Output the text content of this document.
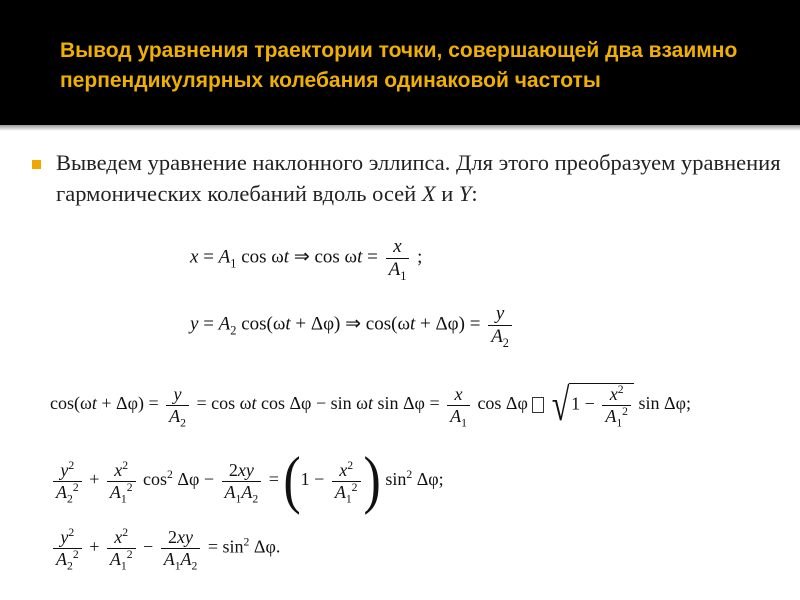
Вывод уравнения траектории точки, совершающей два взаимно перпендикулярных колебания одинаковой частоты
Выведем уравнение наклонного эллипса. Для этого преобразуем уравнения гармонических колебаний вдоль осей X и Y:
$x = A_1$ cos ωt ⇒ $\cos \omega t = \frac{x}{A_1}$ ;
$y = A_2$ cos(ωt + Δφ) ⇒ $\cos(\omega t + \Delta\varphi) = \frac{y}{A_2}$
$\cos(\omega t + \Delta\varphi) = \frac{y}{A_2} = \cos \omega t$ cos Δφ − sin ωt $\sin \Delta\varphi = \frac{x}{A_1}$ cos Δφ $√1 - \frac{x^2}{A_1^2}$ sin Δφ;
$\frac{y^2}{A_2^2} + \frac{x^2}{A_1^2} \cos^2 \Delta\varphi - \frac{2xy}{A_1A_2} = (1 - \frac{x^2}{A_1^2}$ ) $\sin^2 \Delta\varphi$;
$\frac{y^2}{A_2^2} + \frac{x^2}{A_1^2} - \frac{2xy}{A_1A_2} = \sin^2 \Delta\varphi$.
